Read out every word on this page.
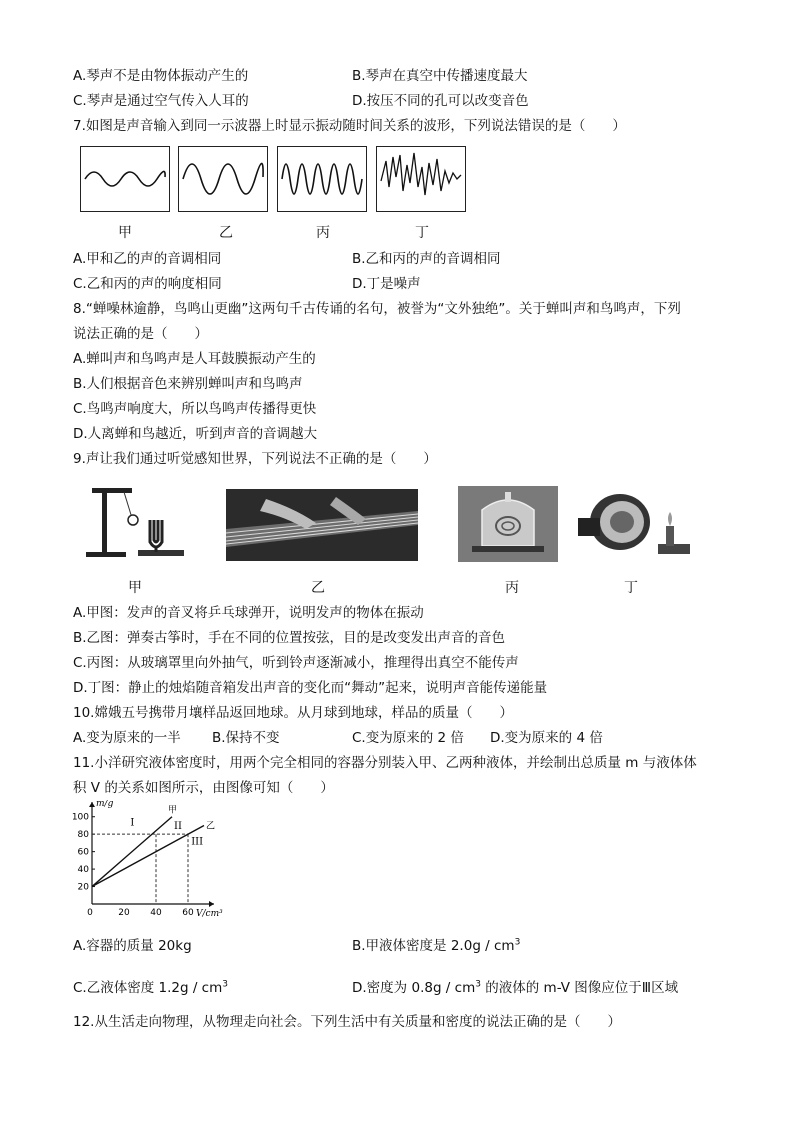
A.琴声不是由物体振动产生的	B.琴声在真空中传播速度最大
C.琴声是通过空气传入人耳的	D.按压不同的孔可以改变音色
7.如图是声音输入到同一示波器上时显示振动随时间关系的波形，下列说法错误的是（　　）
甲	乙	丙	丁
A.甲和乙的声的音调相同	B.乙和丙的声的音调相同
C.乙和丙的声的响度相同	D.丁是噪声
8.“蝉噪林逾静，鸟鸣山更幽”这两句千古传诵的名句，被誉为“文外独绝”。关于蝉叫声和鸟鸣声，下列
说法正确的是（　　）
A.蝉叫声和鸟鸣声是人耳鼓膜振动产生的
B.人们根据音色来辨别蝉叫声和鸟鸣声
C.鸟鸣声响度大，所以鸟鸣声传播得更快
D.人离蝉和鸟越近，听到声音的音调越大
9.声让我们通过听觉感知世界，下列说法不正确的是（　　）
甲	乙	丙	丁
A.甲图：发声的音叉将乒乓球弹开，说明发声的物体在振动
B.乙图：弹奏古筝时，手在不同的位置按弦，目的是改变发出声音的音色
C.丙图：从玻璃罩里向外抽气，听到铃声逐渐减小，推理得出真空不能传声
D.丁图：静止的烛焰随音箱发出声音的变化而“舞动”起来，说明声音能传递能量
10.嫦娥五号携带月壤样品返回地球。从月球到地球，样品的质量（　　）
A.变为原来的一半 B.保持不变	C.变为原来的 2 倍 D.变为原来的 4 倍
11.小洋研究液体密度时，用两个完全相同的容器分别装入甲、乙两种液体，并绘制出总质量 m 与液体体
积 V 的关系如图所示，由图像可知（　　）
m/g
V/cm³
0	20 40 60
20
40
60
80
100
甲
乙
I	II
III
A.容器的质量 20kg	B.甲液体密度是 $2.0g / cm^3$
C.乙液体密度 $1.2g / cm^3$	D.密度为 $0.8g / cm^3$ 的液体的 m-V 图像应位于Ⅲ区域
12.从生活走向物理，从物理走向社会。下列生活中有关质量和密度的说法正确的是（　　）
